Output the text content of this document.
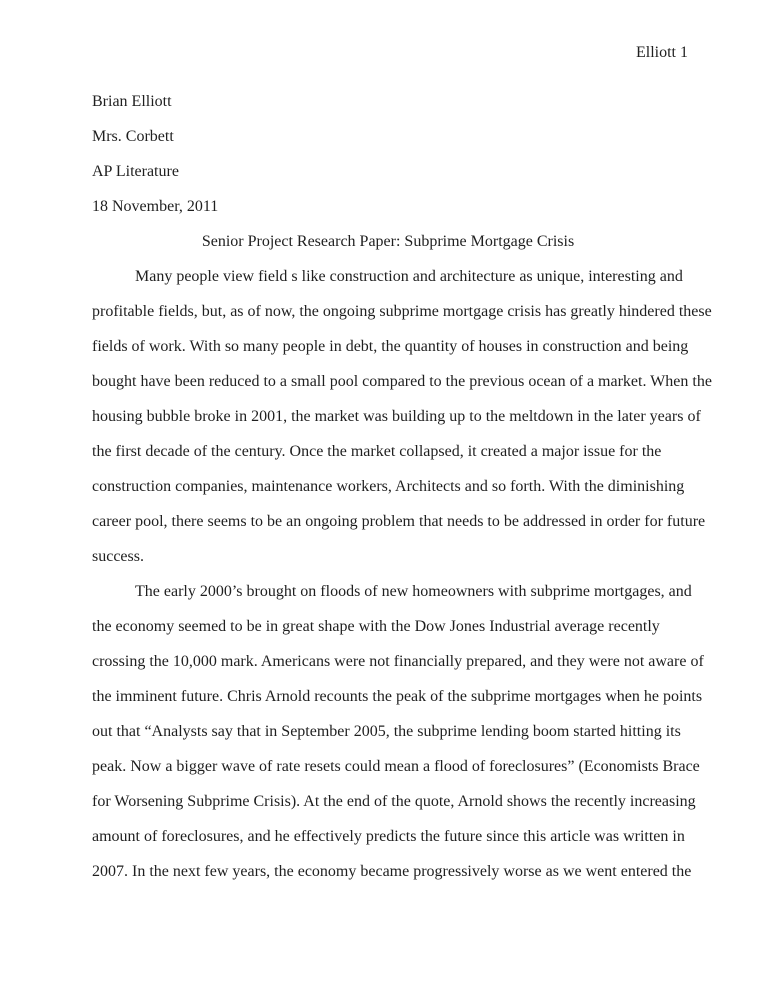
Elliott 1
Brian Elliott
Mrs. Corbett
AP Literature
18 November, 2011
Senior Project Research Paper: Subprime Mortgage Crisis
Many people view field s like construction and architecture as unique, interesting and
profitable fields, but, as of now, the ongoing subprime mortgage crisis has greatly hindered these
fields of work. With so many people in debt, the quantity of houses in construction and being
bought have been reduced to a small pool compared to the previous ocean of a market. When the
housing bubble broke in 2001, the market was building up to the meltdown in the later years of
the first decade of the century. Once the market collapsed, it created a major issue for the
construction companies, maintenance workers, Architects and so forth. With the diminishing
career pool, there seems to be an ongoing problem that needs to be addressed in order for future
success.
The early 2000’s brought on floods of new homeowners with subprime mortgages, and
the economy seemed to be in great shape with the Dow Jones Industrial average recently
crossing the 10,000 mark. Americans were not financially prepared, and they were not aware of
the imminent future. Chris Arnold recounts the peak of the subprime mortgages when he points
out that “Analysts say that in September 2005, the subprime lending boom started hitting its
peak. Now a bigger wave of rate resets could mean a flood of foreclosures” (Economists Brace
for Worsening Subprime Crisis). At the end of the quote, Arnold shows the recently increasing
amount of foreclosures, and he effectively predicts the future since this article was written in
2007. In the next few years, the economy became progressively worse as we went entered the
